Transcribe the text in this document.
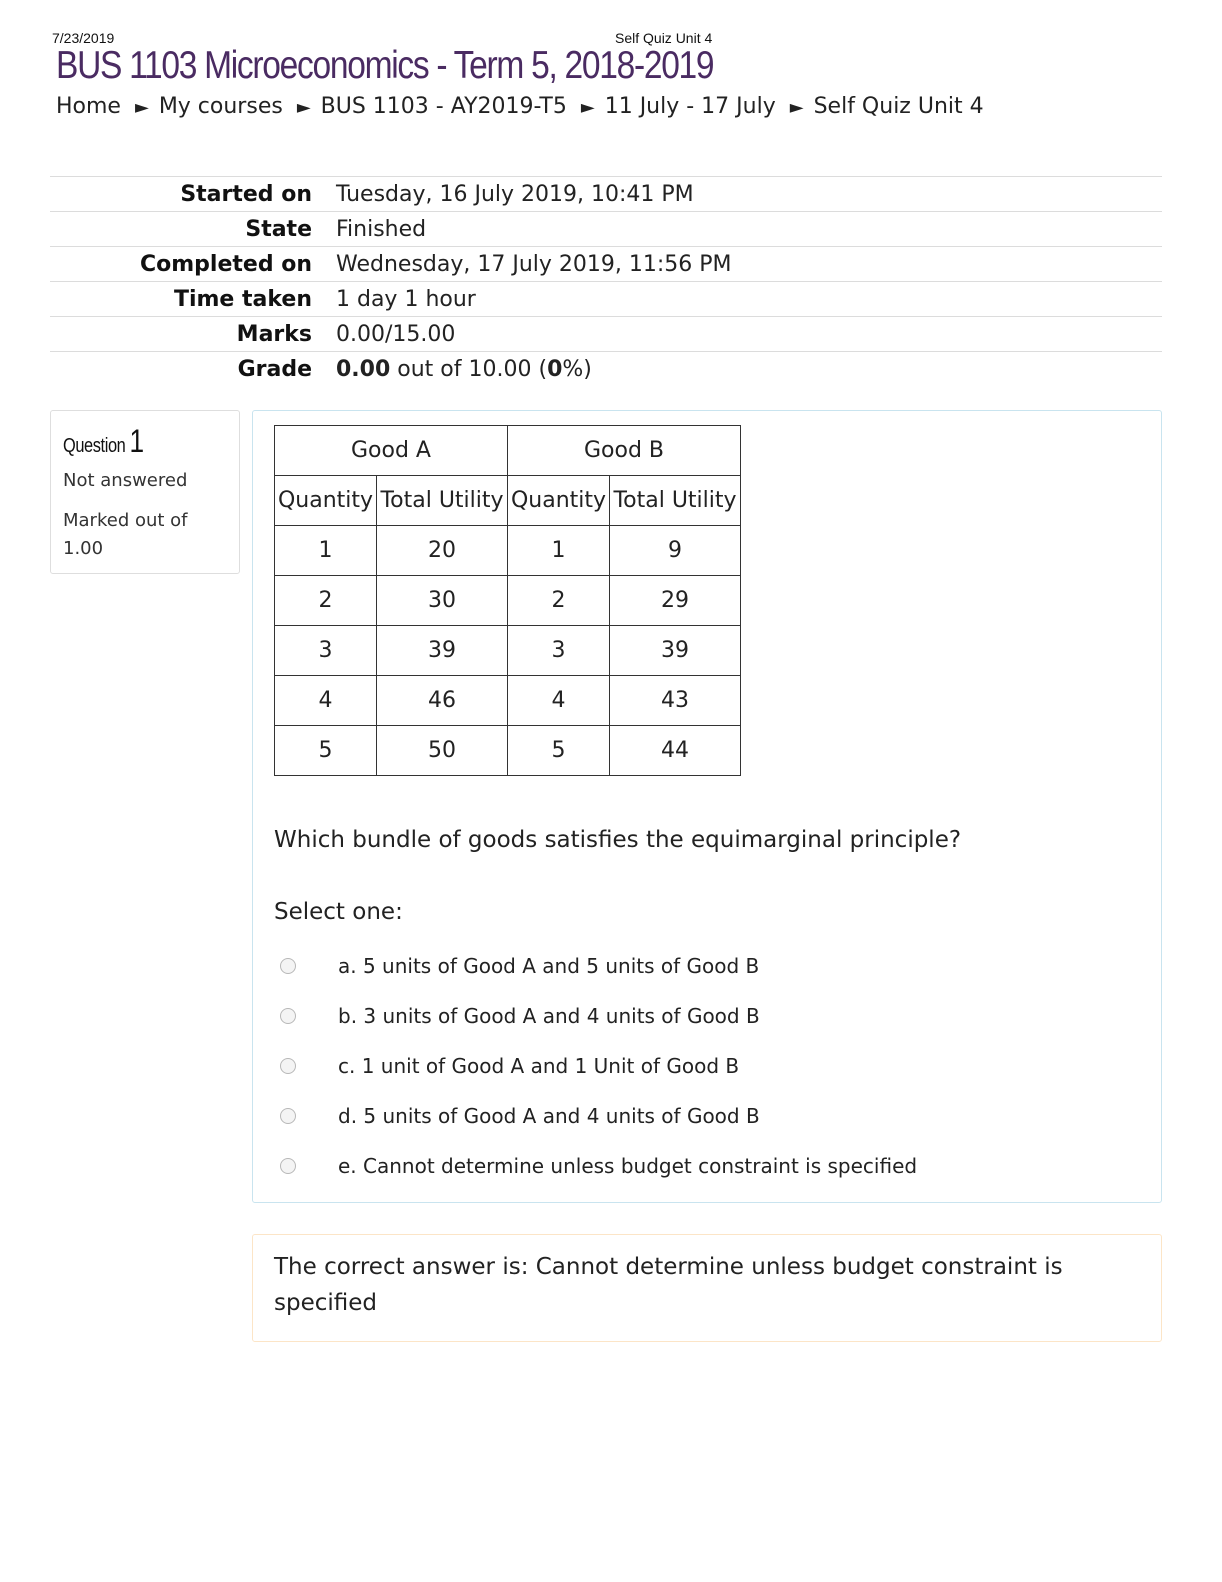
7/23/2019	Self Quiz Unit 4
BUS 1103 Microeconomics - Term 5, 2018-2019
Home ► My courses ► BUS 1103 - AY2019-T5 ► 11 July - 17 July ► Self Quiz Unit 4
Started on	Tuesday, 16 July 2019, 10:41 PM
State	Finished
Completed on	Wednesday, 17 July 2019, 11:56 PM
Time taken	1 day 1 hour
Marks	0.00/15.00
Grade	0.00 out of 10.00 (0%)
Question 1
Not answered
Marked out of 1.00
Good A		Good B	
Quantity	Total Utility	Quantity	Total Utility
1	20	1	9
2	30	2	29
3	39	3	39
4	46	4	43
5	50	5	44
Which bundle of goods satisfies the equimarginal principle?
Select one:
a. 5 units of Good A and 5 units of Good B
b. 3 units of Good A and 4 units of Good B
c. 1 unit of Good A and 1 Unit of Good B
d. 5 units of Good A and 4 units of Good B
e. Cannot determine unless budget constraint is specified
The correct answer is: Cannot determine unless budget constraint is specified
